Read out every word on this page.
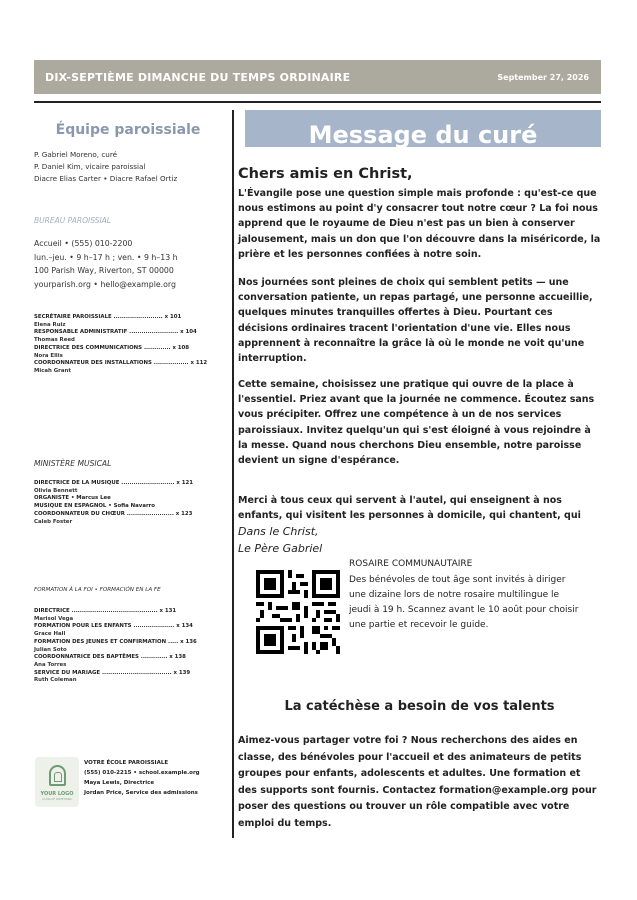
DIX-SEPTIÈME DIMANCHE DU TEMPS ORDINAIRE	September 27, 2026
Équipe paroissiale
P. Gabriel Moreno, curé
P. Daniel Kim, vicaire paroissial
Diacre Elias Carter • Diacre Rafael Ortiz
BUREAU PAROISSIAL
Accueil • (555) 010-2200
lun.–jeu. • 9 h–17 h ; ven. • 9 h–13 h
100 Parish Way, Riverton, ST 00000
yourparish.org • hello@example.org
SECRÉTAIRE PAROISSIALE ........................ x 101
Elena Ruiz
RESPONSABLE ADMINISTRATIF ........................ x 104
Thomas Reed
DIRECTRICE DES COMMUNICATIONS ............. x 108
Nora Ellis
COORDONNATEUR DES INSTALLATIONS ................. x 112
Micah Grant
MINISTÈRE MUSICAL
DIRECTRICE DE LA MUSIQUE .......................... x 121
Olivia Bennett
ORGANISTE • Marcus Lee
MUSIQUE EN ESPAGNOL • Sofia Navarro
COORDONNATEUR DU CHŒUR ....................... x 123
Caleb Foster
FORMATION À LA FOI • FORMACIÓN EN LA FE
DIRECTRICE .......................................... x 131
Marisol Vega
FORMATION POUR LES ENFANTS .................... x 134
Grace Hall
FORMATION DES JEUNES ET CONFIRMATION ..... x 136
Julian Soto
COORDONNATRICE DES BAPTÊMES ............. x 138
Ana Torres
SERVICE DU MARIAGE .................................. x 139
Ruth Coleman
YOUR LOGO
CLASS OF SOMETHING
VOTRE ÉCOLE PAROISSIALE
(555) 010-2215 • school.example.org
Maya Lewis, Directrice
Jordan Price, Service des admissions
Message du curé
Chers amis en Christ,
L'Évangile pose une question simple mais profonde : qu'est-ce que nous estimons au point d'y consacrer tout notre cœur ? La foi nous apprend que le royaume de Dieu n'est pas un bien à conserver jalousement, mais un don que l'on découvre dans la miséricorde, la prière et les personnes confiées à notre soin.
Nos journées sont pleines de choix qui semblent petits — une conversation patiente, un repas partagé, une personne accueillie, quelques minutes tranquilles offertes à Dieu. Pourtant ces décisions ordinaires tracent l'orientation d'une vie. Elles nous apprennent à reconnaître la grâce là où le monde ne voit qu'une interruption.
Cette semaine, choisissez une pratique qui ouvre de la place à l'essentiel. Priez avant que la journée ne commence. Écoutez sans vous précipiter. Offrez une compétence à un de nos services paroissiaux. Invitez quelqu'un qui s'est éloigné à vous rejoindre à la messe. Quand nous cherchons Dieu ensemble, notre paroisse devient un signe d'espérance.
Merci à tous ceux qui servent à l'autel, qui enseignent à nos enfants, qui visitent les personnes à domicile, qui chantent, qui
Dans le Christ,
Le Père Gabriel
ROSAIRE COMMUNAUTAIRE
Des bénévoles de tout âge sont invités à diriger une dizaine lors de notre rosaire multilingue le jeudi à 19 h. Scannez avant le 10 août pour choisir une partie et recevoir le guide.
La catéchèse a besoin de vos talents
Aimez-vous partager votre foi ? Nous recherchons des aides en classe, des bénévoles pour l'accueil et des animateurs de petits groupes pour enfants, adolescents et adultes. Une formation et des supports sont fournis. Contactez formation@example.org pour poser des questions ou trouver un rôle compatible avec votre emploi du temps.
